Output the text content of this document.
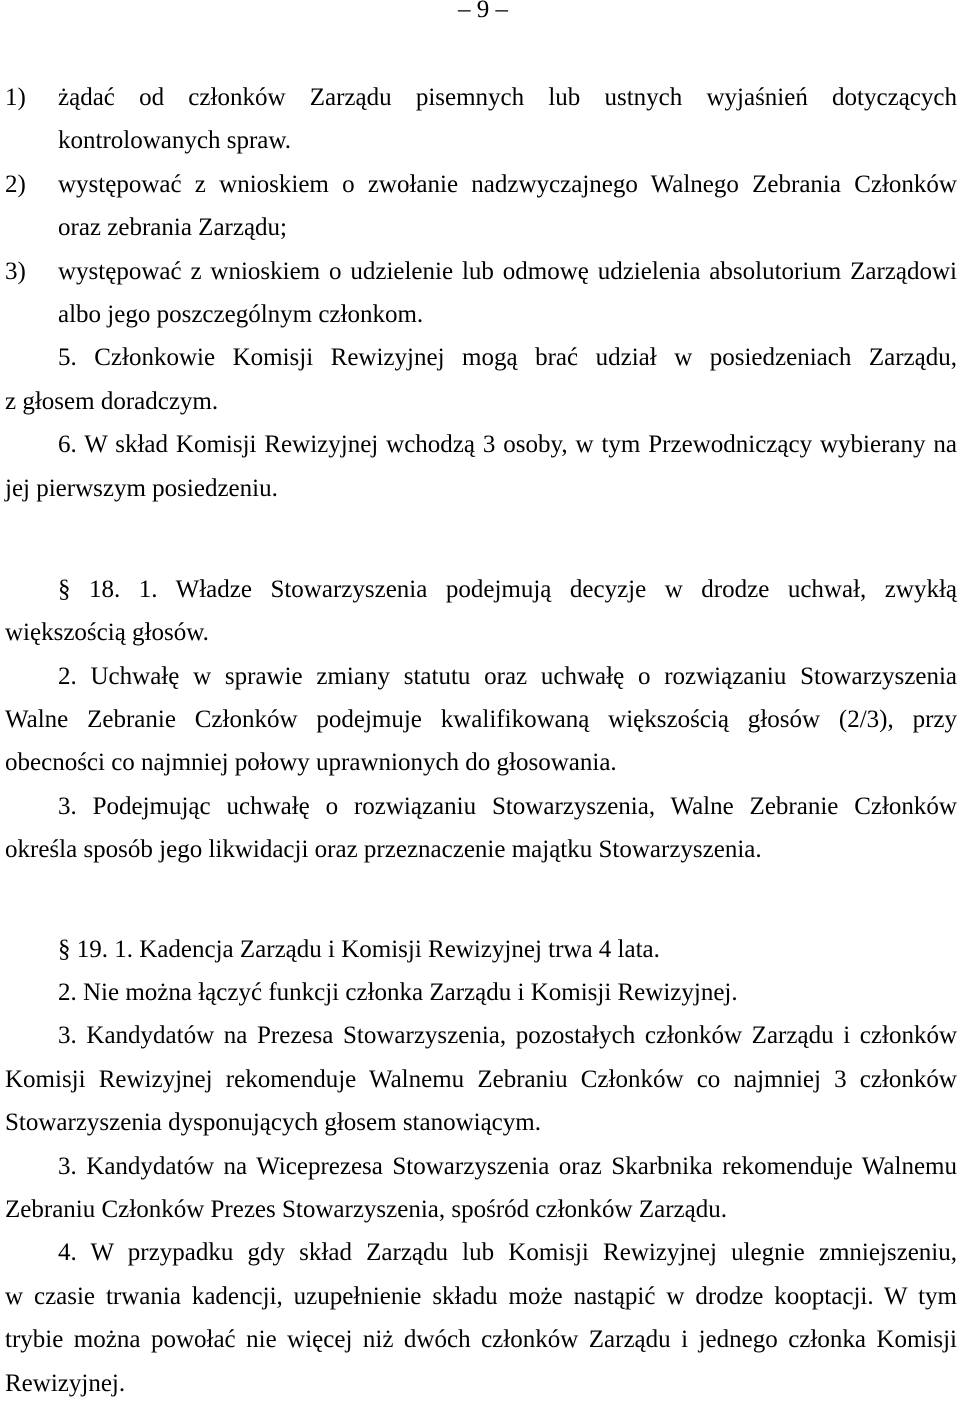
– 9 –
1) żądać od członków Zarządu pisemnych lub ustnych wyjaśnień dotyczących
kontrolowanych spraw.
2) występować z wnioskiem o zwołanie nadzwyczajnego Walnego Zebrania Członków
oraz zebrania Zarządu;
3) występować z wnioskiem o udzielenie lub odmowę udzielenia absolutorium Zarządowi
albo jego poszczególnym członkom.
5. Członkowie Komisji Rewizyjnej mogą brać udział w posiedzeniach Zarządu,
z głosem doradczym.
6. W skład Komisji Rewizyjnej wchodzą 3 osoby, w tym Przewodniczący wybierany na
jej pierwszym posiedzeniu.
§ 18. 1. Władze Stowarzyszenia podejmują decyzje w drodze uchwał, zwykłą
większością głosów.
2. Uchwałę w sprawie zmiany statutu oraz uchwałę o rozwiązaniu Stowarzyszenia
Walne Zebranie Członków podejmuje kwalifikowaną większością głosów (2/3), przy
obecności co najmniej połowy uprawnionych do głosowania.
3. Podejmując uchwałę o rozwiązaniu Stowarzyszenia, Walne Zebranie Członków
określa sposób jego likwidacji oraz przeznaczenie majątku Stowarzyszenia.
§ 19. 1. Kadencja Zarządu i Komisji Rewizyjnej trwa 4 lata.
2. Nie można łączyć funkcji członka Zarządu i Komisji Rewizyjnej.
3. Kandydatów na Prezesa Stowarzyszenia, pozostałych członków Zarządu i członków
Komisji Rewizyjnej rekomenduje Walnemu Zebraniu Członków co najmniej 3 członków
Stowarzyszenia dysponujących głosem stanowiącym.
3. Kandydatów na Wiceprezesa Stowarzyszenia oraz Skarbnika rekomenduje Walnemu
Zebraniu Członków Prezes Stowarzyszenia, spośród członków Zarządu.
4. W przypadku gdy skład Zarządu lub Komisji Rewizyjnej ulegnie zmniejszeniu,
w czasie trwania kadencji, uzupełnienie składu może nastąpić w drodze kooptacji. W tym
trybie można powołać nie więcej niż dwóch członków Zarządu i jednego członka Komisji
Rewizyjnej.
